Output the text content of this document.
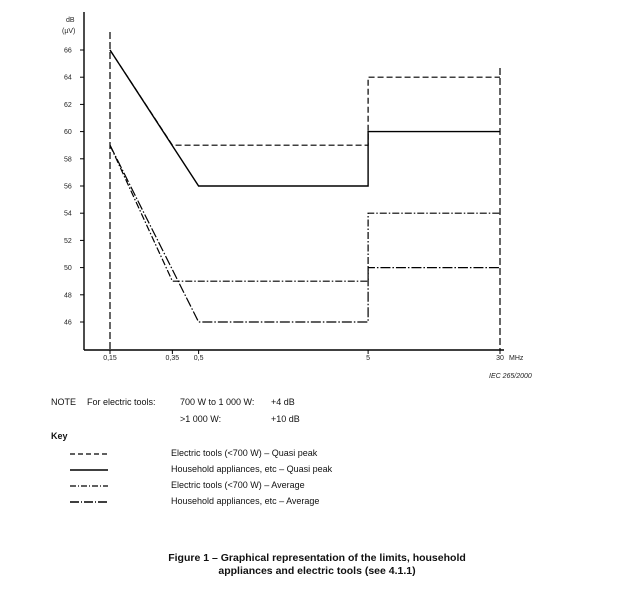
46
48
50
52
54
56
58
60
62
64
66
0,15	0,35 0,5	5	30 MHz
dB
(µV)
IEC 265/2000
NOTE For electric tools:	700 W to 1 000 W: +4 dB
>1 000 W:	+10 dB
Key
Electric tools (<700 W) – Quasi peak
Household appliances, etc – Quasi peak
Electric tools (<700 W) – Average
Household appliances, etc – Average
Figure 1 – Graphical representation of the limits, household
appliances and electric tools (see 4.1.1)
